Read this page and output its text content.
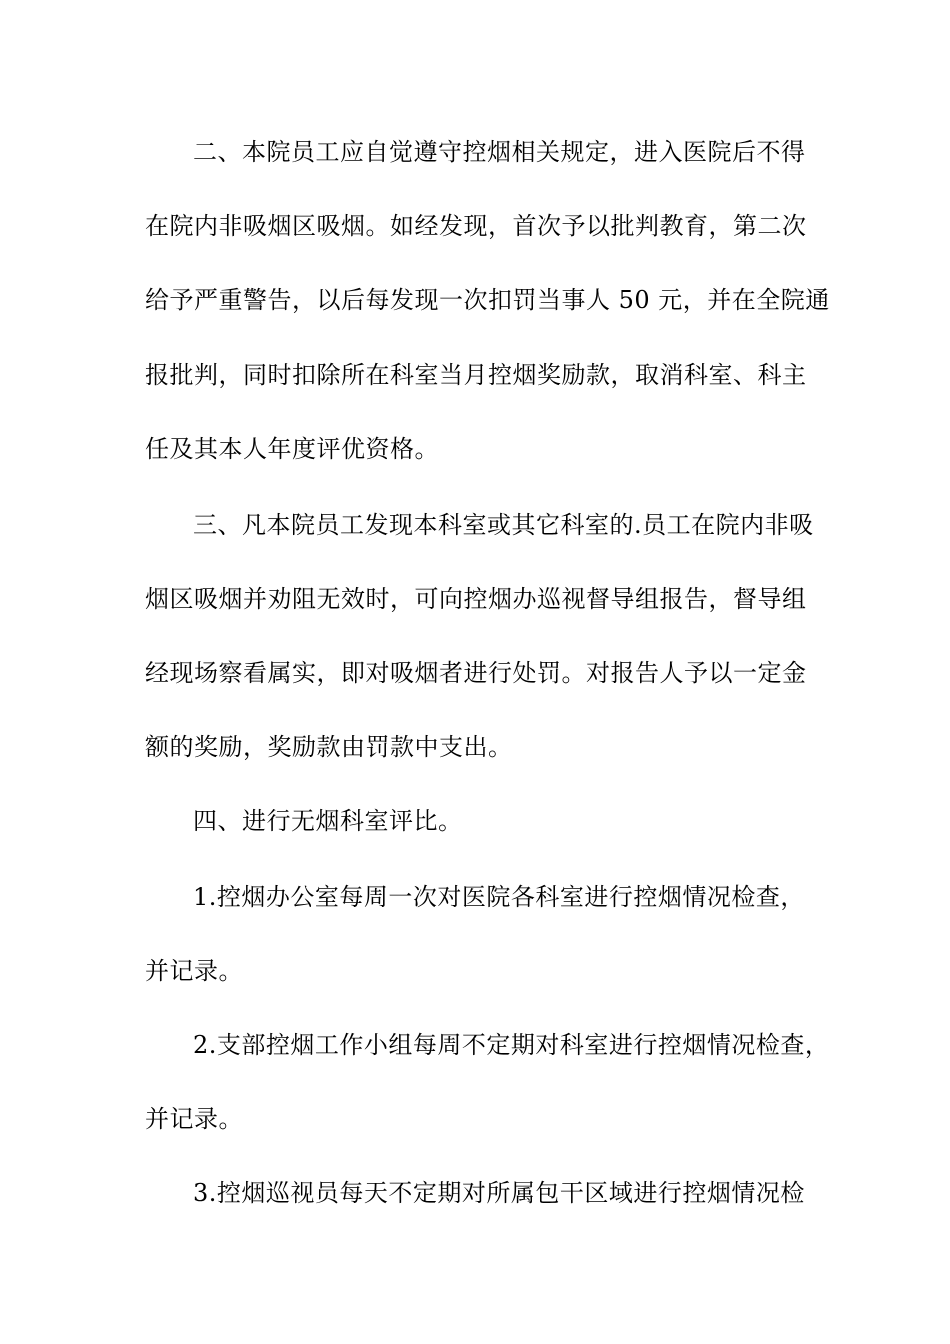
二、本院员工应自觉遵守控烟相关规定，进入医院后不得
在院内非吸烟区吸烟。如经发现，首次予以批判教育，第二次
给予严重警告，以后每发现一次扣罚当事人 50 元，并在全院通
报批判，同时扣除所在科室当月控烟奖励款，取消科室、科主
任及其本人年度评优资格。
三、凡本院员工发现本科室或其它科室的.员工在院内非吸
烟区吸烟并劝阻无效时，可向控烟办巡视督导组报告，督导组
经现场察看属实，即对吸烟者进行处罚。对报告人予以一定金
额的奖励，奖励款由罚款中支出。
四、进行无烟科室评比。
1.控烟办公室每周一次对医院各科室进行控烟情况检查，
并记录。
2.支部控烟工作小组每周不定期对科室进行控烟情况检查，
并记录。
3.控烟巡视员每天不定期对所属包干区域进行控烟情况检
